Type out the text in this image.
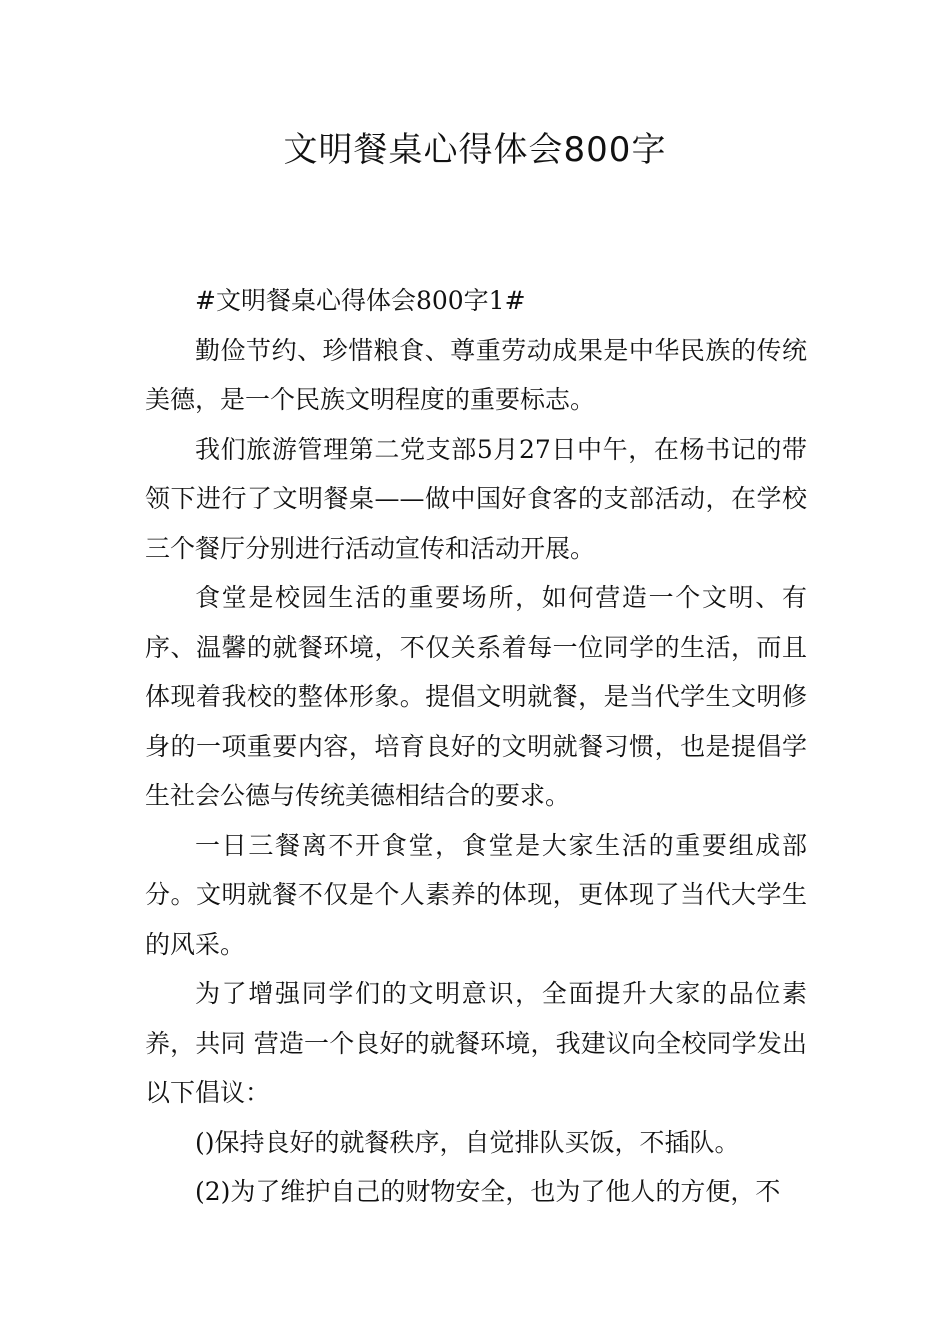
文明餐桌心得体会800字

#文明餐桌心得体会800字1#

勤俭节约、珍惜粮食、尊重劳动成果是中华民族的传统美德，是一个民族文明程度的重要标志。

我们旅游管理第二党支部5月27日中午，在杨书记的带领下进行了文明餐桌——做中国好食客的支部活动，在学校三个餐厅分别进行活动宣传和活动开展。

食堂是校园生活的重要场所，如何营造一个文明、有序、温馨的就餐环境，不仅关系着每一位同学的生活，而且体现着我校的整体形象。提倡文明就餐，是当代学生文明修身的一项重要内容，培育良好的文明就餐习惯，也是提倡学生社会公德与传统美德相结合的要求。

一日三餐离不开食堂，食堂是大家生活的重要组成部分。文明就餐不仅是个人素养的体现，更体现了当代大学生的风采。

为了增强同学们的文明意识，全面提升大家的品位素养，共同 营造一个良好的就餐环境，我建议向全校同学发出以下倡议：

()保持良好的就餐秩序，自觉排队买饭，不插队。

(2)为了维护自己的财物安全，也为了他人的方便，不
